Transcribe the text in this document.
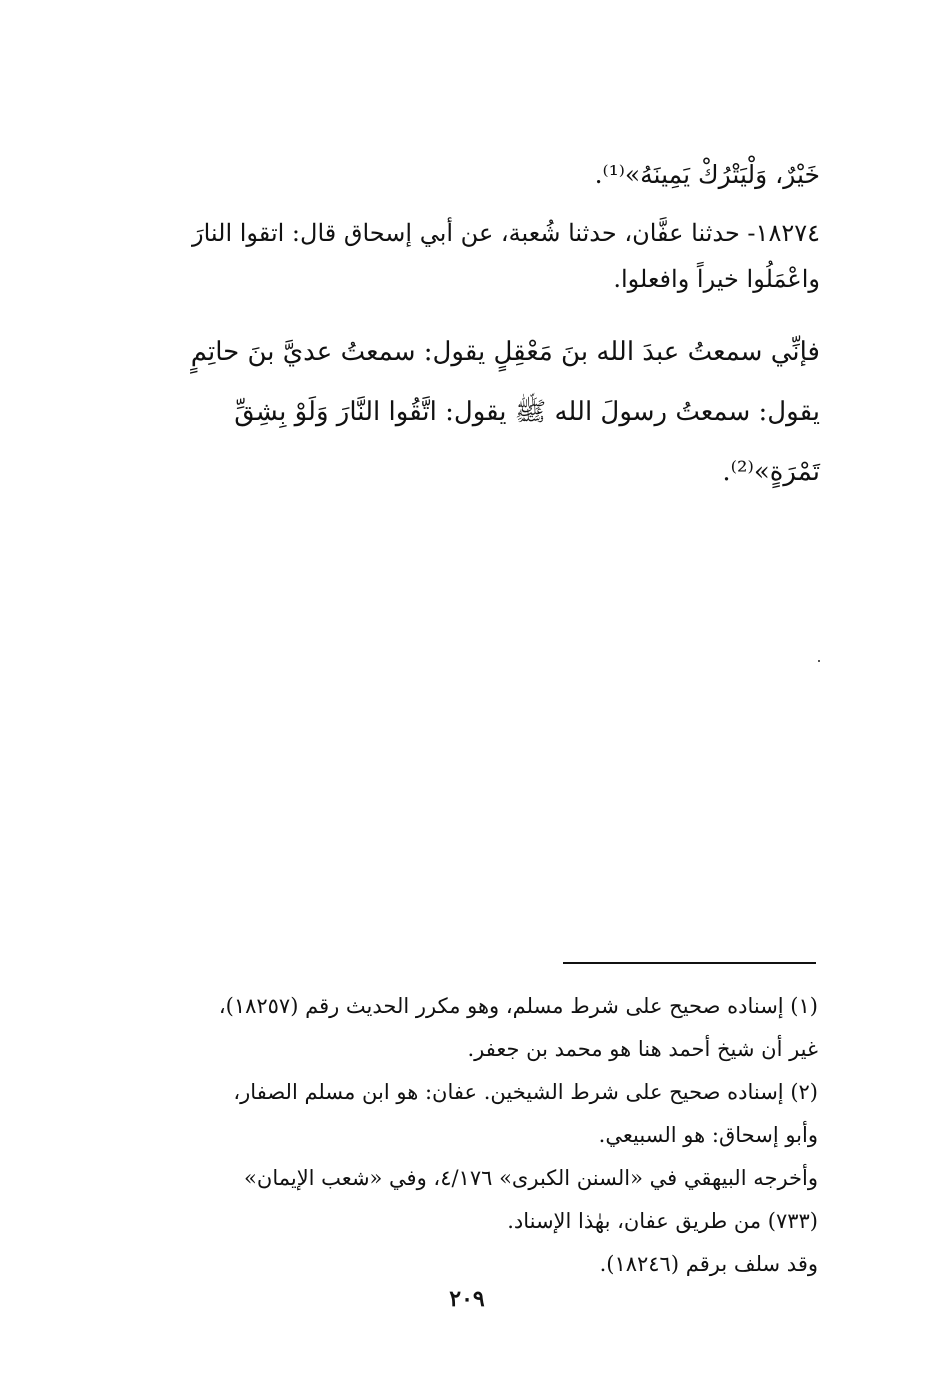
خَيْرٌ، وَلْيَتْرُكْ يَمِينَهُ»⁽¹⁾.

١٨٢٧٤- حدثنا عفَّان، حدثنا شُعبة، عن أبي إسحاق قال: اتقوا النارَ

واعْمَلُوا خيراً وافعلوا.

فإنِّي سمعتُ عبدَ الله بنَ مَعْقِلٍ يقول: سمعتُ عديَّ بنَ حاتِمٍ

يقول: سمعتُ رسولَ الله ﷺ يقول: اتَّقُوا النَّارَ وَلَوْ بِشِقِّ

تَمْرَةٍ»⁽²⁾.

(١) إسناده صحيح على شرط مسلم، وهو مكرر الحديث رقم (١٨٢٥٧)،

غير أن شيخ أحمد هنا هو محمد بن جعفر.

(٢) إسناده صحيح على شرط الشيخين. عفان: هو ابن مسلم الصفار،

وأبو إسحاق: هو السبيعي.

وأخرجه البيهقي في «السنن الكبرى» ٤/١٧٦، وفي «شعب الإيمان»

(٧٣٣) من طريق عفان، بهٰذا الإسناد.

وقد سلف برقم (١٨٢٤٦).

٢٠٩
